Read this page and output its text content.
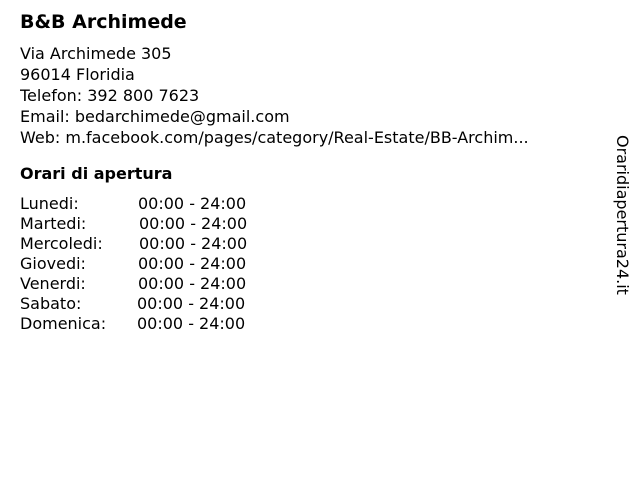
B&B Archimede
Via Archimede 305
96014 Floridia
Telefon: 392 800 7623
Email: bedarchimede@gmail.com
Web: m.facebook.com/pages/category/Real-Estate/BB-Archim...
Orari di apertura
Lunedi:	00:00 - 24:00
Martedi:	00:00 - 24:00
Mercoledi: 00:00 - 24:00
Giovedi:	00:00 - 24:00
Venerdi:	00:00 - 24:00
Sabato:	00:00 - 24:00
Domenica: 00:00 - 24:00
Oraridiapertura24.it
